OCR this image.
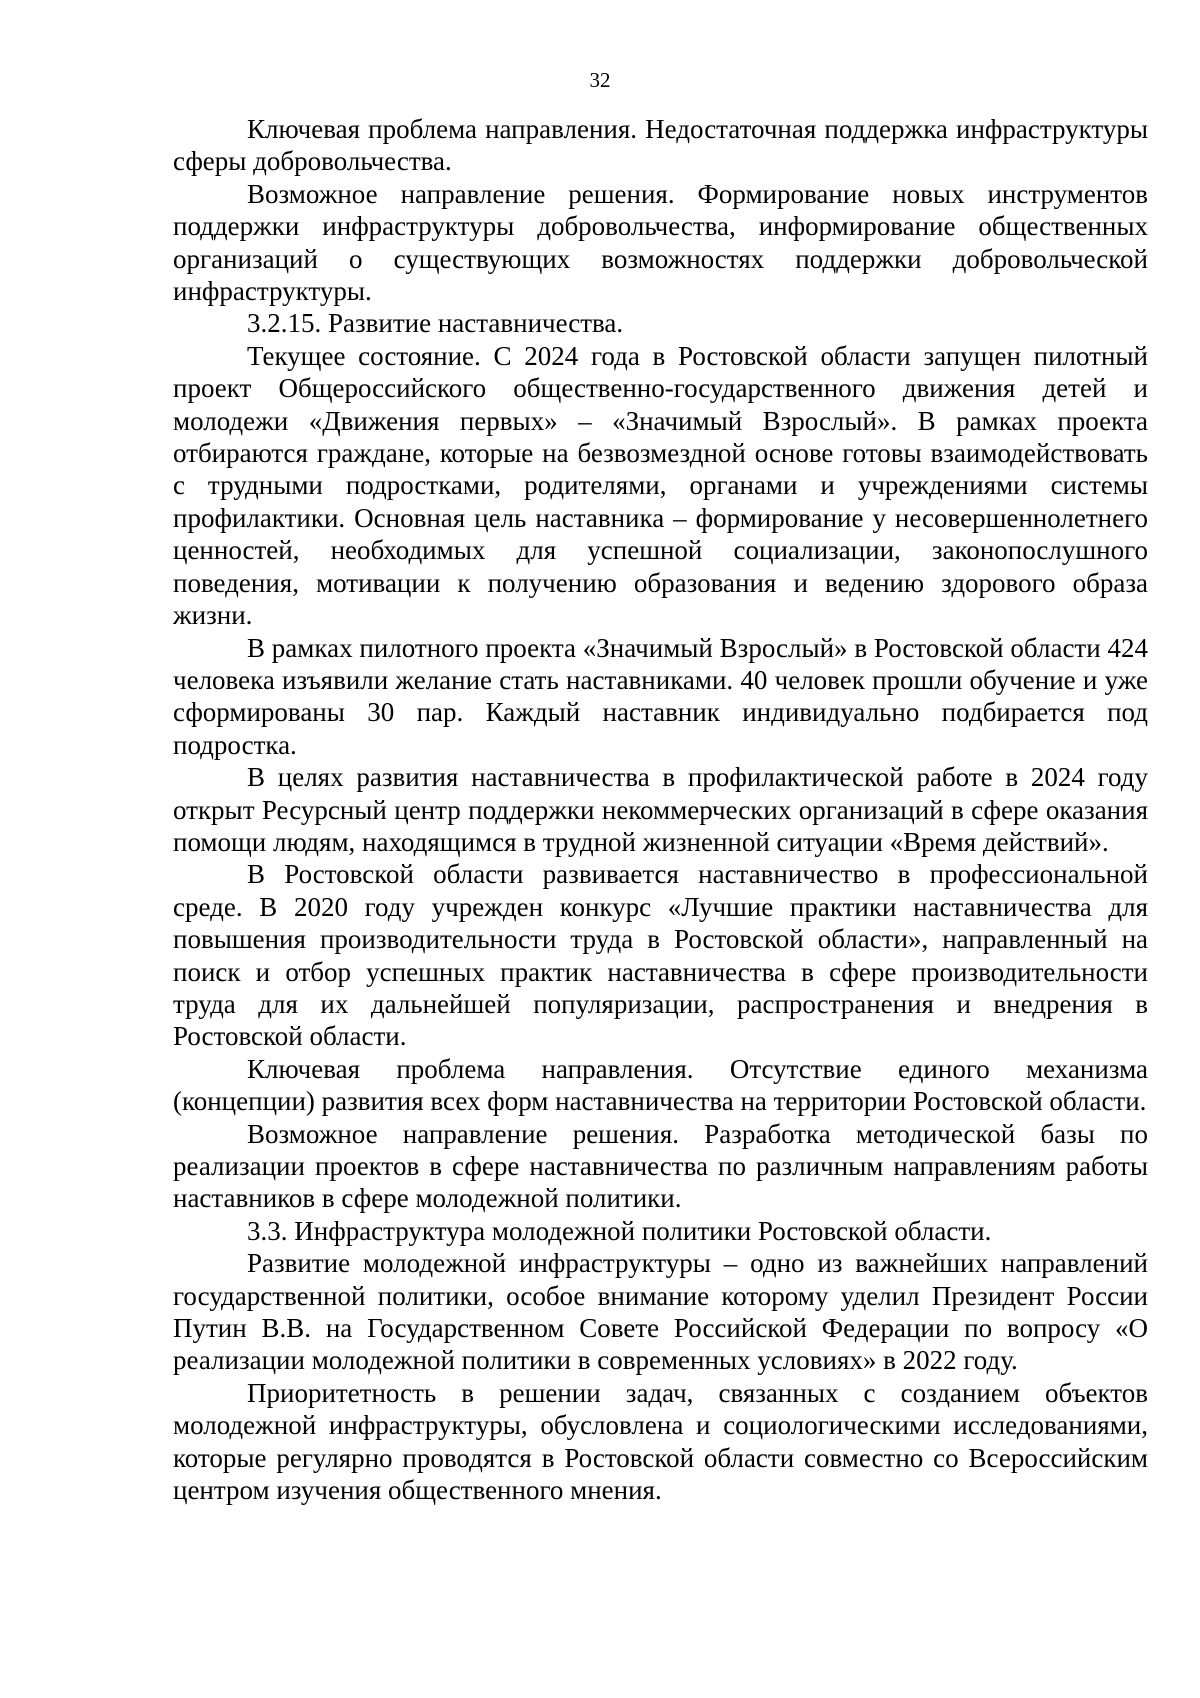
32

Ключевая проблема направления. Недостаточная поддержка инфраструктуры сферы добровольчества.

Возможное направление решения. Формирование новых инструментов поддержки инфраструктуры добровольчества, информирование общественных организаций о существующих возможностях поддержки добровольческой инфраструктуры.

3.2.15. Развитие наставничества.

Текущее состояние. С 2024 года в Ростовской области запущен пилотный проект Общероссийского общественно-государственного движения детей и молодежи «Движения первых» – «Значимый Взрослый». В рамках проекта отбираются граждане, которые на безвозмездной основе готовы взаимодействовать с трудными подростками, родителями, органами и учреждениями системы профилактики. Основная цель наставника – формирование у несовершеннолетнего ценностей, необходимых для успешной социализации, законопослушного поведения, мотивации к получению образования и ведению здорового образа жизни.

В рамках пилотного проекта «Значимый Взрослый» в Ростовской области 424 человека изъявили желание стать наставниками. 40 человек прошли обучение и уже сформированы 30 пар. Каждый наставник индивидуально подбирается под подростка.

В целях развития наставничества в профилактической работе в 2024 году открыт Ресурсный центр поддержки некоммерческих организаций в сфере оказания помощи людям, находящимся в трудной жизненной ситуации «Время действий».

В Ростовской области развивается наставничество в профессиональной среде. В 2020 году учрежден конкурс «Лучшие практики наставничества для повышения производительности труда в Ростовской области», направленный на поиск и отбор успешных практик наставничества в сфере производительности труда для их дальнейшей популяризации, распространения и внедрения в Ростовской области.

Ключевая проблема направления. Отсутствие единого механизма (концепции) развития всех форм наставничества на территории Ростовской области.

Возможное направление решения. Разработка методической базы по реализации проектов в сфере наставничества по различным направлениям работы наставников в сфере молодежной политики.

3.3. Инфраструктура молодежной политики Ростовской области.

Развитие молодежной инфраструктуры – одно из важнейших направлений государственной политики, особое внимание которому уделил Президент России Путин В.В. на Государственном Совете Российской Федерации по вопросу «О реализации молодежной политики в современных условиях» в 2022 году.

Приоритетность в решении задач, связанных с созданием объектов молодежной инфраструктуры, обусловлена и социологическими исследованиями, которые регулярно проводятся в Ростовской области совместно со Всероссийским центром изучения общественного мнения.
